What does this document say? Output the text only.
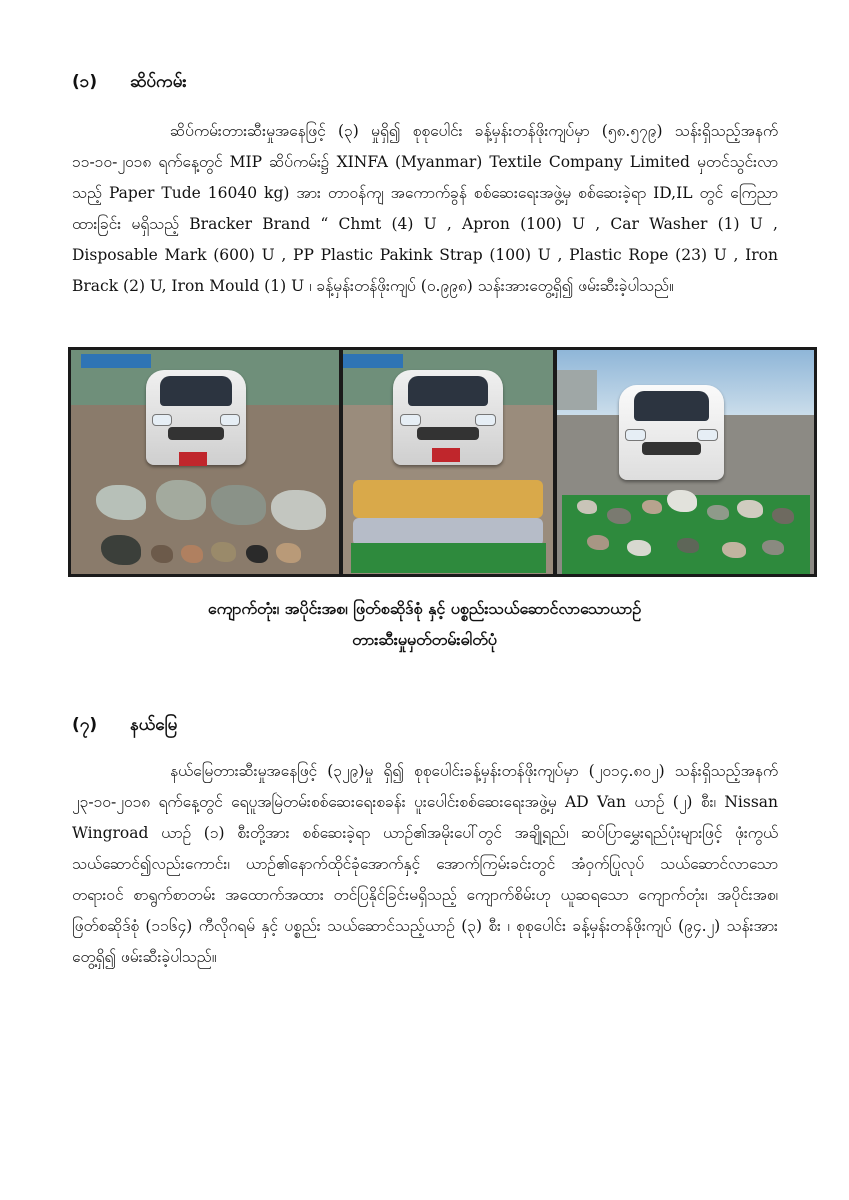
(၁) ဆိပ်ကမ်း

ဆိပ်ကမ်းတားဆီးမှုအနေဖြင့် (၃) မှုရှိ၍ စုစုပေါင်း ခန့်မှန်းတန်ဖိုးကျပ်မှာ (၅၈.၅၇၉) သန်းရှိသည့်အနက် ၁၁-၁၀-၂၀၁၈ ရက်နေ့တွင် MIP ဆိပ်ကမ်း၌ XINFA (Myanmar) Textile Company Limited မှတင်သွင်းလာသည့် Paper Tude 16040 kg) အား တာဝန်ကျ အကောက်ခွန် စစ်ဆေးရေးအဖွဲ့မှ စစ်ဆေးခဲ့ရာ ID,IL တွင် ကြေညာထားခြင်း မရှိသည့် Bracker Brand “ Chmt (4) U , Apron (100) U , Car Washer (1) U , Disposable Mark (600) U , PP Plastic Pakink Strap (100) U , Plastic Rope (23) U , Iron Brack (2) U, Iron Mould (1) U ၊ ခန့်မှန်းတန်ဖိုးကျပ် (၀.၉၉၈) သန်းအားတွေ့ရှိ၍ ဖမ်းဆီးခဲ့ပါသည်။

ကျောက်တုံး၊ အပိုင်းအစ၊ ဖြတ်စဆိုဒ်စုံ နှင့် ပစ္စည်းသယ်ဆောင်လာသောယာဉ်
တားဆီးမှုမှတ်တမ်းဓါတ်ပုံ
(၇) နယ်မြေ

နယ်မြေတားဆီးမှုအနေဖြင့် (၃၂၉)မှု ရှိ၍ စုစုပေါင်းခန့်မှန်းတန်ဖိုးကျပ်မှာ (၂၀၁၄.၈၀၂) သန်းရှိသည့်အနက် ၂၃-၁၀-၂၀၁၈ ရက်နေ့တွင် ရေပူအမြဲတမ်းစစ်ဆေးရေးစခန်း ပူးပေါင်းစစ်ဆေးရေးအဖွဲ့မှ AD Van ယာဉ် (၂) စီး၊ Nissan Wingroad ယာဉ် (၁) စီးတို့အား စစ်ဆေးခဲ့ရာ ယာဉ်၏အမိုးပေါ်တွင် အချို့ရည်၊ ဆပ်ပြာမွှေးရည်ပုံးများဖြင့် ဖုံးကွယ်သယ်ဆောင်၍လည်းကောင်း၊ ယာဉ်၏နောက်ထိုင်ခုံအောက်နှင့် အောက်ကြမ်းခင်းတွင် အံဝှက်ပြုလုပ် သယ်ဆောင်လာသော တရားဝင် စာရွက်စာတမ်း အထောက်အထား တင်ပြနိုင်ခြင်းမရှိသည့် ကျောက်စိမ်းဟု ယူဆရသော ကျောက်တုံး၊ အပိုင်းအစ၊ ဖြတ်စဆိုဒ်စုံ (၁၁၆၄) ကီလိုဂရမ် နှင့် ပစ္စည်း သယ်ဆောင်သည့်ယာဉ် (၃) စီး ၊ စုစုပေါင်း ခန့်မှန်းတန်ဖိုးကျပ် (၉၄.၂) သန်းအားတွေ့ရှိ၍ ဖမ်းဆီးခဲ့ပါသည်။
